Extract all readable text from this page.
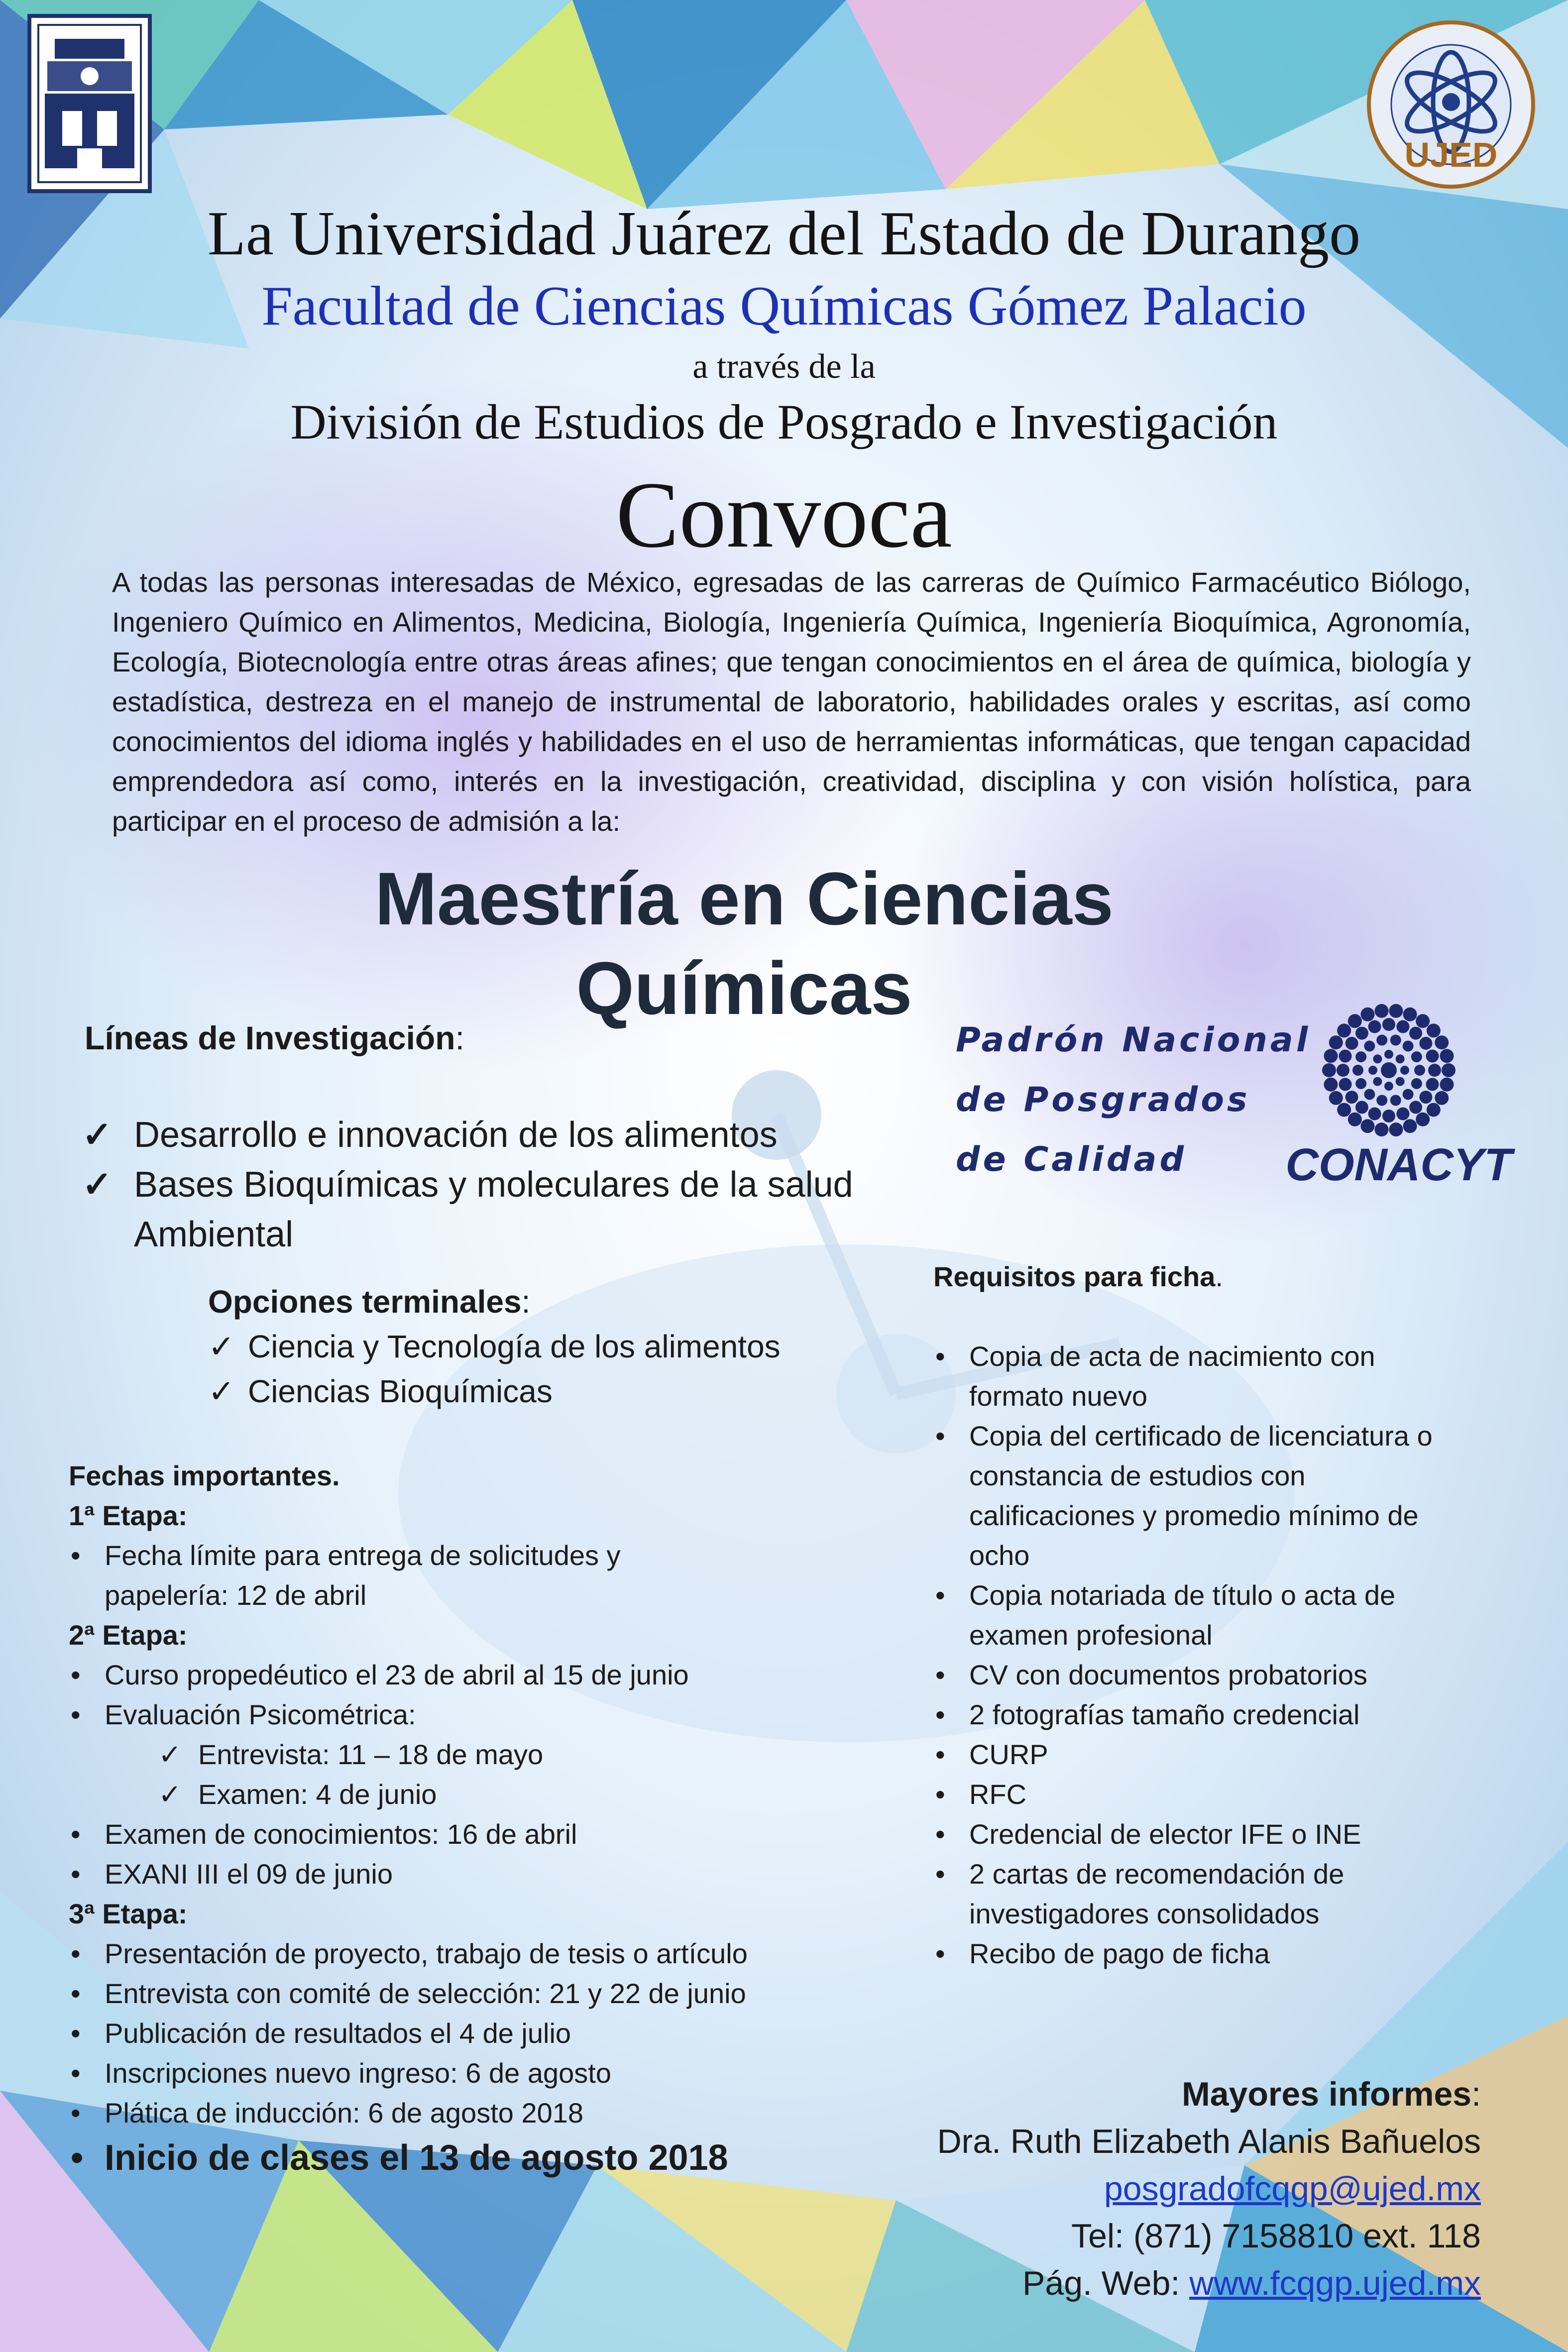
UJED
La Universidad Juárez del Estado de Durango
Facultad de Ciencias Químicas Gómez Palacio
a través de la
División de Estudios de Posgrado e Investigación
Convoca
A todas las personas interesadas de México, egresadas de las carreras de Químico Farmacéutico Biólogo, Ingeniero Químico en Alimentos, Medicina, Biología, Ingeniería Química, Ingeniería Bioquímica, Agronomía, Ecología, Biotecnología entre otras áreas afines; que tengan conocimientos en el área de química, biología y estadística, destreza en el manejo de instrumental de laboratorio, habilidades orales y escritas, así como conocimientos del idioma inglés y habilidades en el uso de herramientas informáticas, que tengan capacidad emprendedora así como, interés en la investigación, creatividad, disciplina y con visión holística, para participar en el proceso de admisión a la:
Maestría en Ciencias
Químicas
Líneas de Investigación:
✓ Desarrollo e innovación de los alimentos
✓ Bases Bioquímicas y moleculares de la salud Ambiental
Padrón Nacional
de Posgrados
de Calidad	CONACYT
Opciones terminales:
✓ Ciencia y Tecnología de los alimentos
✓ Ciencias Bioquímicas
Fechas importantes.
1ª Etapa:
• Fecha límite para entrega de solicitudes y papelería: 12 de abril
2ª Etapa:
• Curso propedéutico el 23 de abril al 15 de junio
• Evaluación Psicométrica:
✓ Entrevista: 11 – 18 de mayo
✓ Examen: 4 de junio
• Examen de conocimientos: 16 de abril
• EXANI III el 09 de junio
3ª Etapa:
• Presentación de proyecto, trabajo de tesis o artículo
• Entrevista con comité de selección: 21 y 22 de junio
• Publicación de resultados el 4 de julio
• Inscripciones nuevo ingreso: 6 de agosto
• Plática de inducción: 6 de agosto 2018
• Inicio de clases el 13 de agosto 2018
Requisitos para ficha.
• Copia de acta de nacimiento con formato nuevo
• Copia del certificado de licenciatura o constancia de estudios con calificaciones y promedio mínimo de ocho
• Copia notariada de título o acta de examen profesional
• CV con documentos probatorios
• 2 fotografías tamaño credencial
• CURP
• RFC
• Credencial de elector IFE o INE
• 2 cartas de recomendación de investigadores consolidados
• Recibo de pago de ficha
Mayores informes:
Dra. Ruth Elizabeth Alanis Bañuelos
posgradofcqgp@ujed.mx
Tel: (871) 7158810 ext. 118
Pág. Web: www.fcqgp.ujed.mx
